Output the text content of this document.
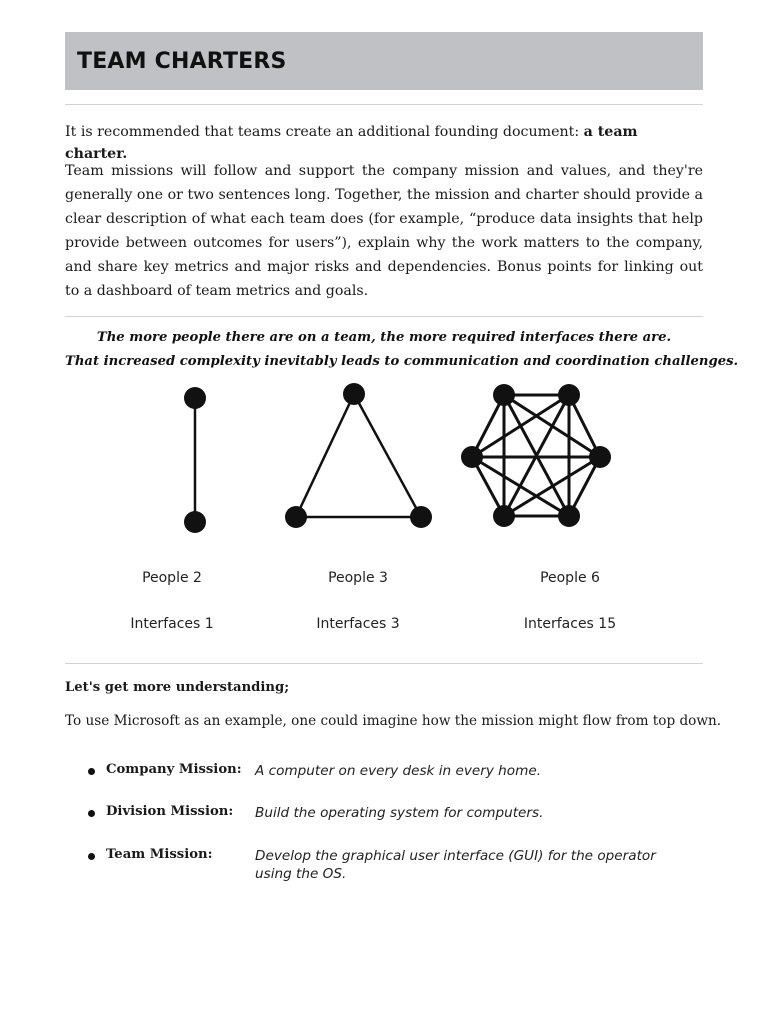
TEAM CHARTERS

It is recommended that teams create an additional founding document: a team charter.

Team missions will follow and support the company mission and values, and they're generally one or two sentences long. Together, the mission and charter should provide a clear description of what each team does (for example, “produce data insights that help provide between outcomes for users”), explain why the work matters to the company, and share key metrics and major risks and dependencies. Bonus points for linking out to a dashboard of team metrics and goals.

The more people there are on a team, the more required interfaces there are.
That increased complexity inevitably leads to communication and coordination challenges.

People 2
Interfaces 1
People 3
Interfaces 3
People 6
Interfaces 15

Let's get more understanding;

To use Microsoft as an example, one could imagine how the mission might flow from top down.

Company Mission: A computer on every desk in every home.
Division Mission: Build the operating system for computers.
Team Mission:	Develop the graphical user interface (GUI) for the operator using the OS.
